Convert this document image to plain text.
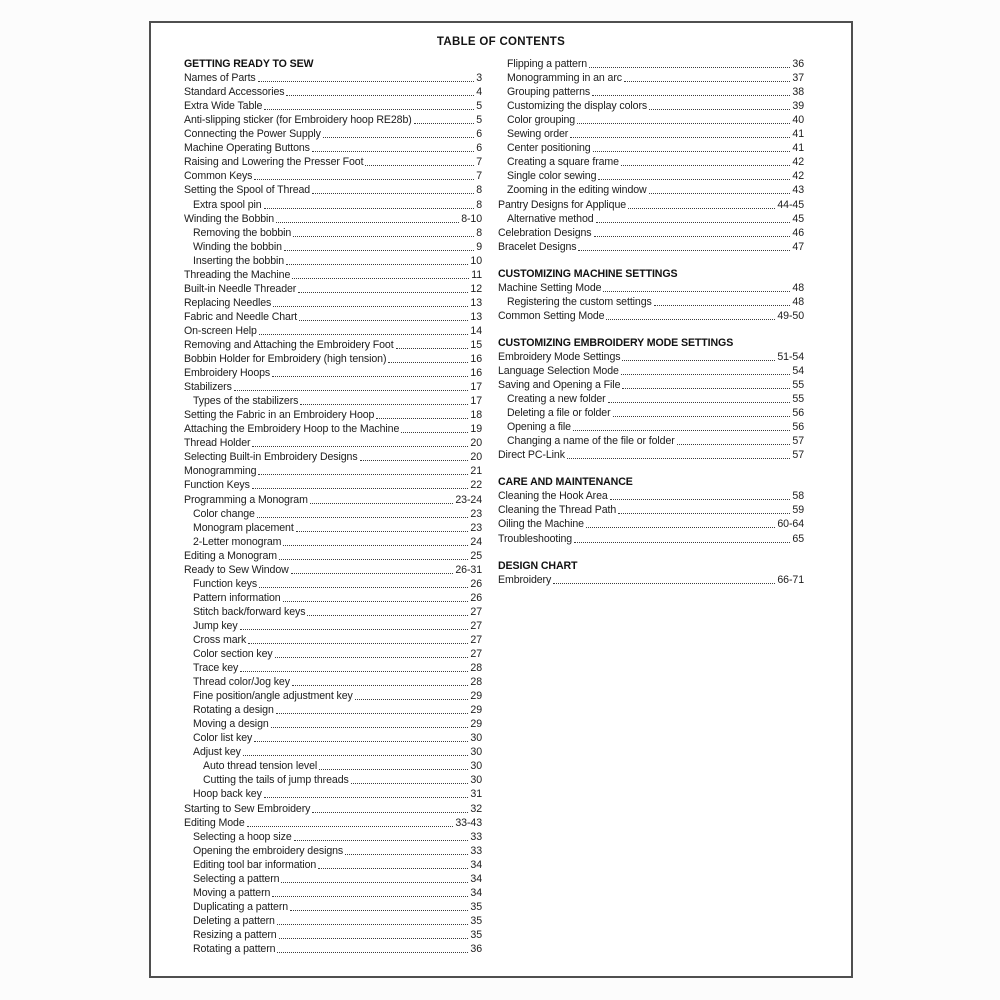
TABLE OF CONTENTS
GETTING READY TO SEW
Names of Parts	3
Standard Accessories	4
Extra Wide Table	5
Anti-slipping sticker (for Embroidery hoop RE28b)	5
Connecting the Power Supply	6
Machine Operating Buttons	6
Raising and Lowering the Presser Foot	7
Common Keys	7
Setting the Spool of Thread	8
Extra spool pin	8
Winding the Bobbin	8-10
Removing the bobbin	8
Winding the bobbin	9
Inserting the bobbin	10
Threading the Machine	11
Built-in Needle Threader	12
Replacing Needles	13
Fabric and Needle Chart	13
On-screen Help	14
Removing and Attaching the Embroidery Foot	15
Bobbin Holder for Embroidery (high tension)	16
Embroidery Hoops	16
Stabilizers	17
Types of the stabilizers	17
Setting the Fabric in an Embroidery Hoop	18
Attaching the Embroidery Hoop to the Machine	19
Thread Holder	20
Selecting Built-in Embroidery Designs	20
Monogramming	21
Function Keys	22
Programming a Monogram	23-24
Color change	23
Monogram placement	23
2-Letter monogram	24
Editing a Monogram	25
Ready to Sew Window	26-31
Function keys	26
Pattern information	26
Stitch back/forward keys	27
Jump key	27
Cross mark	27
Color section key	27
Trace key	28
Thread color/Jog key	28
Fine position/angle adjustment key	29
Rotating a design	29
Moving a design	29
Color list key	30
Adjust key	30
Auto thread tension level	30
Cutting the tails of jump threads	30
Hoop back key	31
Starting to Sew Embroidery	32
Editing Mode	33-43
Selecting a hoop size	33
Opening the embroidery designs	33
Editing tool bar information	34
Selecting a pattern	34
Moving a pattern	34
Duplicating a pattern	35
Deleting a pattern	35
Resizing a pattern	35
Rotating a pattern	36
Flipping a pattern	36
Monogramming in an arc	37
Grouping patterns	38
Customizing the display colors	39
Color grouping	40
Sewing order	41
Center positioning	41
Creating a square frame	42
Single color sewing	42
Zooming in the editing window	43
Pantry Designs for Applique	44-45
Alternative method	45
Celebration Designs	46
Bracelet Designs	47
CUSTOMIZING MACHINE SETTINGS
Machine Setting Mode	48
Registering the custom settings	48
Common Setting Mode	49-50
CUSTOMIZING EMBROIDERY MODE SETTINGS
Embroidery Mode Settings	51-54
Language Selection Mode	54
Saving and Opening a File	55
Creating a new folder	55
Deleting a file or folder	56
Opening a file	56
Changing a name of the file or folder	57
Direct PC-Link	57
CARE AND MAINTENANCE
Cleaning the Hook Area	58
Cleaning the Thread Path	59
Oiling the Machine	60-64
Troubleshooting	65
DESIGN CHART
Embroidery	66-71
